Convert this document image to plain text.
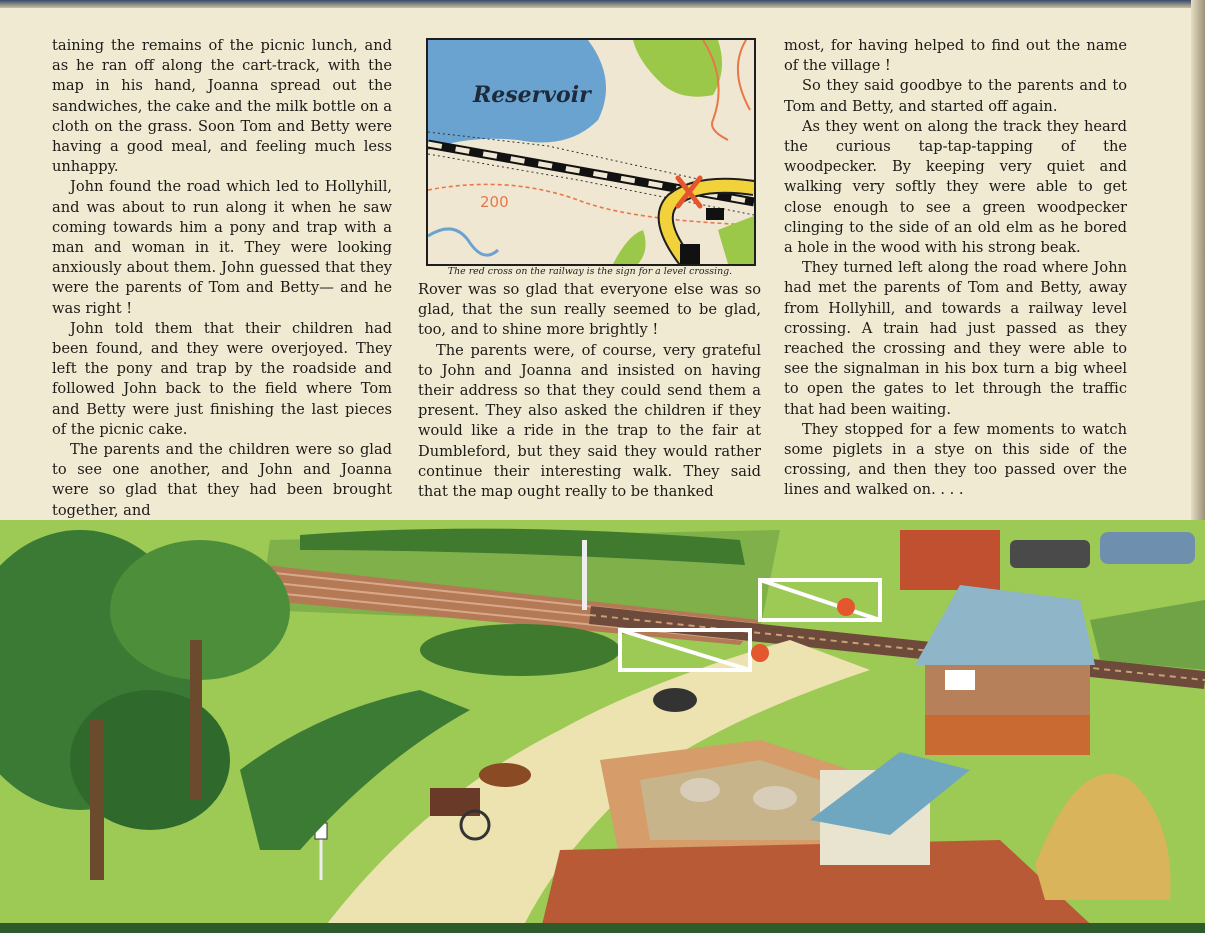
taining the remains of the picnic lunch, and as he ran off along the cart-track, with the map in his hand, Joanna spread out the sandwiches, the cake and the milk bottle on a cloth on the grass. Soon Tom and Betty were having a good meal, and feeling much less unhappy.

John found the road which led to Hollyhill, and was about to run along it when he saw coming towards him a pony and trap with a man and woman in it. They were looking anxiously about them. John guessed that they were the parents of Tom and Betty— and he was right !

John told them that their children had been found, and they were overjoyed. They left the pony and trap by the roadside and followed John back to the field where Tom and Betty were just finishing the last pieces of the picnic cake.

The parents and the children were so glad to see one another, and John and Joanna were so glad that they had been brought together, and

Reservoir
200
The red cross on the railway is the sign for a level crossing.

Rover was so glad that everyone else was so glad, that the sun really seemed to be glad, too, and to shine more brightly !

The parents were, of course, very grateful to John and Joanna and insisted on having their address so that they could send them a present. They also asked the children if they would like a ride in the trap to the fair at Dumbleford, but they said they would rather continue their interesting walk. They said that the map ought really to be thanked

most, for having helped to find out the name of the village !

So they said goodbye to the parents and to Tom and Betty, and started off again.

As they went on along the track they heard the curious tap-tap-tapping of the woodpecker. By keeping very quiet and walking very softly they were able to get close enough to see a green woodpecker clinging to the side of an old elm as he bored a hole in the wood with his strong beak.

They turned left along the road where John had met the parents of Tom and Betty, away from Hollyhill, and towards a railway level crossing. A train had just passed as they reached the crossing and they were able to see the signalman in his box turn a big wheel to open the gates to let through the traffic that had been waiting.

They stopped for a few moments to watch some piglets in a stye on this side of the crossing, and then they too passed over the lines and walked on. . . .
